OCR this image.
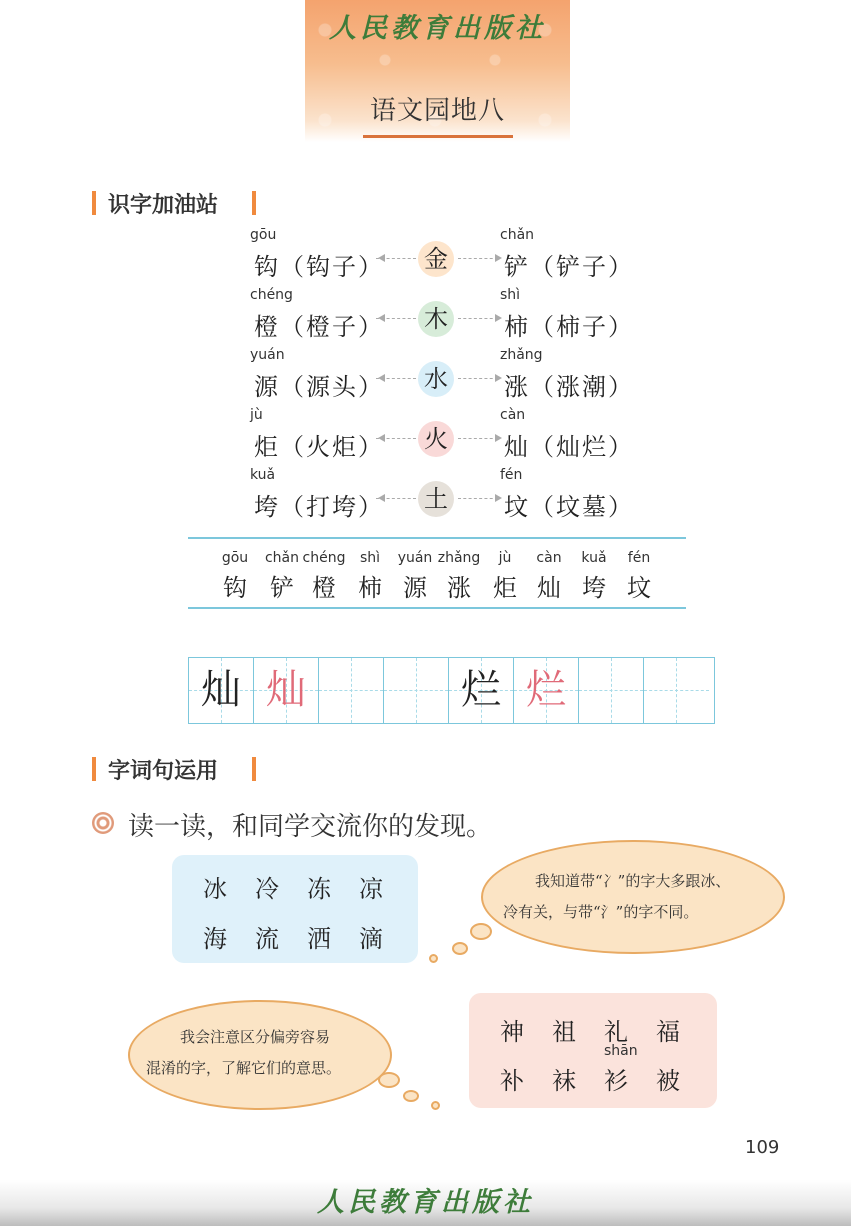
人民教育出版社
语文园地八
识字加油站
gōu
钩（钩子） 金
chǎn
铲（铲子）
chéng
橙（橙子） 木
shì
柿（柿子）
yuán
源（源头） 水
zhǎng
涨（涨潮）
jù
炬（火炬） 火
càn
灿（灿烂）
kuǎ
垮（打垮） 土
fén
坟（坟墓）
gōu
钩
chǎn
铲
chéng
橙
shì
柿
yuán
源
zhǎng
涨
jù
炬
càn
灿
kuǎ
垮
fén
坟
灿 灿	烂 烂
字词句运用
读一读，和同学交流你的发现。
冰 冷 冻 凉
海 流 洒 滴
我知道带“冫”的字大多跟冰、
冷有关，与带“氵”的字不同。
我会注意区分偏旁容易
混淆的字，了解它们的意思。
神 祖 礼 福
shān
补 袜 衫 被
109
人民教育出版社
